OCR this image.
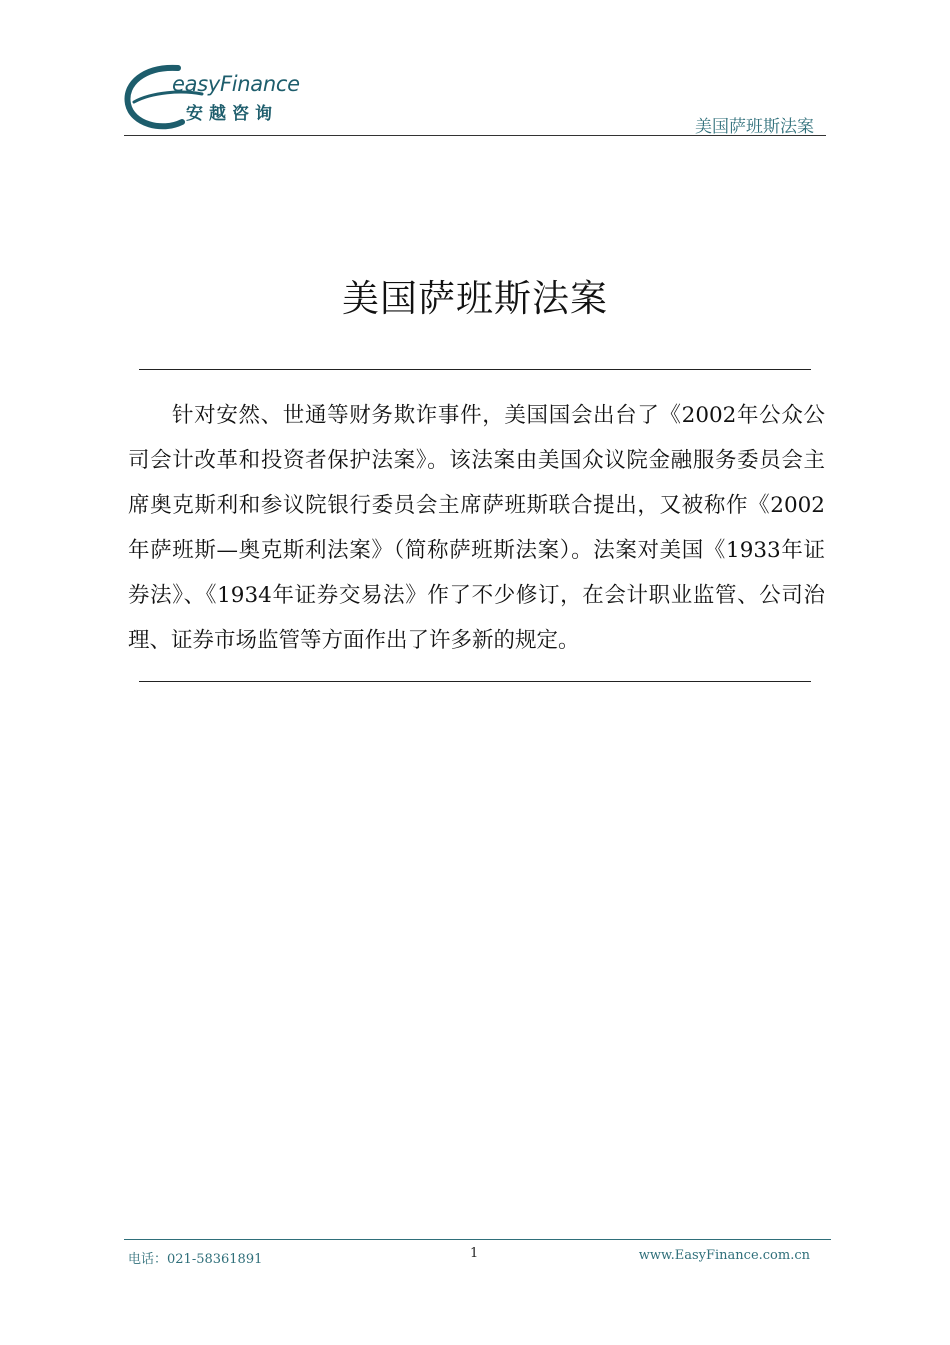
easyFinance
安越咨询
美国萨班斯法案
美国萨班斯法案

针对安然、世通等财务欺诈事件，美国国会出台了《2002年公众公司会计改革和投资者保护法案》。该法案由美国众议院金融服务委员会主席奥克斯利和参议院银行委员会主席萨班斯联合提出，又被称作《2002年萨班斯—奥克斯利法案》（简称萨班斯法案）。法案对美国《1933年证券法》、《1934年证券交易法》作了不少修订，在会计职业监管、公司治理、证券市场监管等方面作出了许多新的规定。

电话：021-58361891	1	www.EasyFinance.com.cn
